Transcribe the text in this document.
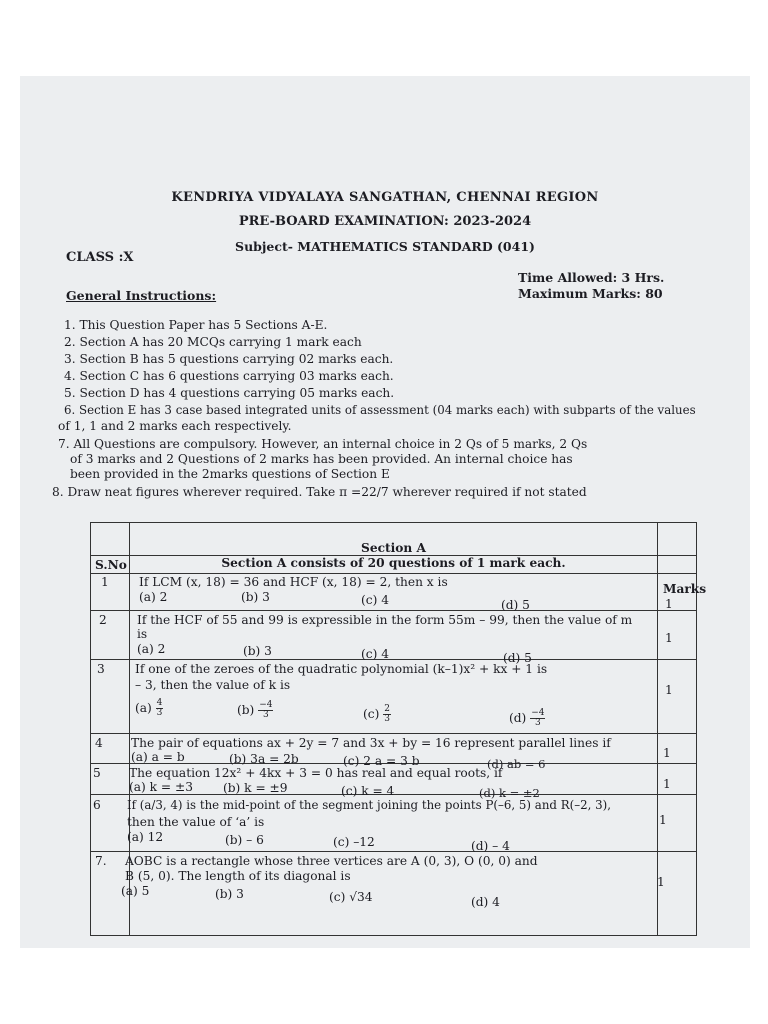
KENDRIYA VIDYALAYA SANGATHAN, CHENNAI REGION
PRE-BOARD EXAMINATION: 2023-2024
Subject- MATHEMATICS STANDARD (041)
CLASS :X
Time Allowed: 3 Hrs.
Maximum Marks: 80
General Instructions:
1. This Question Paper has 5 Sections A-E.
2. Section A has 20 MCQs carrying 1 mark each
3. Section B has 5 questions carrying 02 marks each.
4. Section C has 6 questions carrying 03 marks each.
5. Section D has 4 questions carrying 05 marks each.
6. Section E has 3 case based integrated units of assessment (04 marks each) with subparts of the values
of 1, 1 and 2 marks each respectively.
7. All Questions are compulsory. However, an internal choice in 2 Qs of 5 marks, 2 Qs
of 3 marks and 2 Questions of 2 marks has been provided. An internal choice has
been provided in the 2marks questions of Section E
8. Draw neat figures wherever required. Take π =22/7 wherever required if not stated
Section A
Section A consists of 20 questions of 1 mark each.
S.No
Marks
1 If LCM (x, 18) = 36 and HCF (x, 18) = 2, then x is
(a) 2	(b) 3	(c) 4	(d) 5	1
2 If the HCF of 55 and 99 is expressible in the form 55m – 99, then the value of m
is
(a) 2	(b) 3	(c) 4	(d) 5
1
3 If one of the zeroes of the quadratic polynomial (k–1)x² + kx + 1 is
– 3, then the value of k is
$(a) \frac{4}{3}$	$(b) \frac{-4}{3}$	$(c) \frac{2}{3}$	$(d) \frac{-4}{3}$
1
4 The pair of equations ax + 2y = 7 and 3x + by = 16 represent parallel lines if
(a) a = b	(b) 3a = 2b	(c) 2 a = 3 b	(d) ab = 6
1
5 The equation 12x² + 4kx + 3 = 0 has real and equal roots, if
(a) k = ±3 (b) k = ±9	(c) k = 4	(d) k = ±2
1
6 If (a/3, 4) is the mid-point of the segment joining the points P(–6, 5) and R(–2, 3),
then the value of ‘a’ is
(a) 12	(b) – 6	(c) –12	(d) – 4
1
7. AOBC is a rectangle whose three vertices are A (0, 3), O (0, 0) and
B (5, 0). The length of its diagonal is
(a) 5	(b) 3	(c) √34	(d) 4
1
